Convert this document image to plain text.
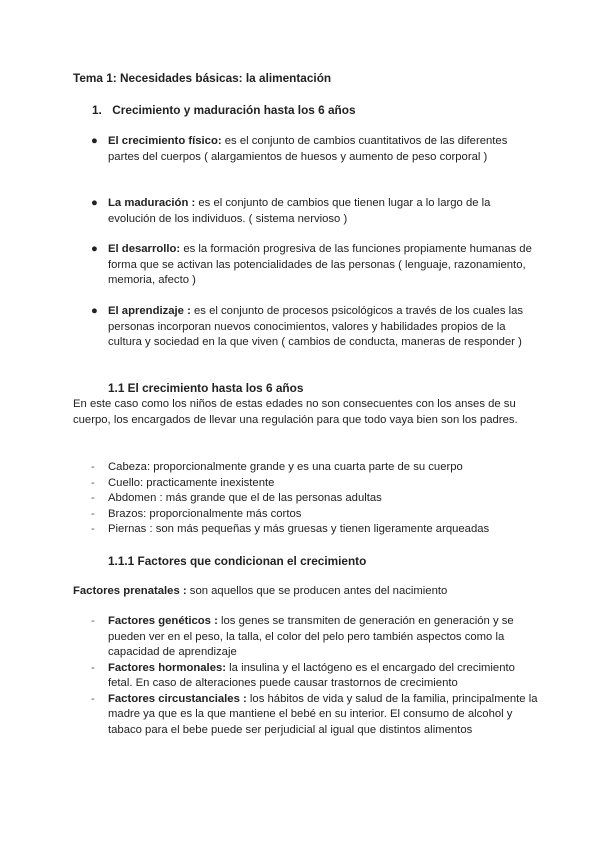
Tema 1: Necesidades básicas: la alimentación
1. Crecimiento y maduración hasta los 6 años
● El crecimiento físico: es el conjunto de cambios cuantitativos de las diferentes partes del cuerpos ( alargamientos de huesos y aumento de peso corporal )
● La maduración : es el conjunto de cambios que tienen lugar a lo largo de la evolución de los individuos. ( sistema nervioso )
● El desarrollo: es la formación progresiva de las funciones propiamente humanas de forma que se activan las potencialidades de las personas ( lenguaje, razonamiento, memoria, afecto )
● El aprendizaje : es el conjunto de procesos psicológicos a través de los cuales las personas incorporan nuevos conocimientos, valores y habilidades propios de la cultura y sociedad en la que viven ( cambios de conducta, maneras de responder )
1.1 El crecimiento hasta los 6 años
En este caso como los niños de estas edades no son consecuentes con los anses de su cuerpo, los encargados de llevar una regulación para que todo vaya bien son los padres.
- Cabeza: proporcionalmente grande y es una cuarta parte de su cuerpo
- Cuello: practicamente inexistente
- Abdomen : más grande que el de las personas adultas
- Brazos: proporcionalmente más cortos
- Piernas : son más pequeñas y más gruesas y tienen ligeramente arqueadas
1.1.1 Factores que condicionan el crecimiento
Factores prenatales : son aquellos que se producen antes del nacimiento
- Factores genéticos : los genes se transmiten de generación en generación y se pueden ver en el peso, la talla, el color del pelo pero también aspectos como la capacidad de aprendizaje
- Factores hormonales: la insulina y el lactógeno es el encargado del crecimiento fetal. En caso de alteraciones puede causar trastornos de crecimiento
- Factores circustanciales : los hábitos de vida y salud de la familia, principalmente la madre ya que es la que mantiene el bebé en su interior. El consumo de alcohol y tabaco para el bebe puede ser perjudicial al igual que distintos alimentos
